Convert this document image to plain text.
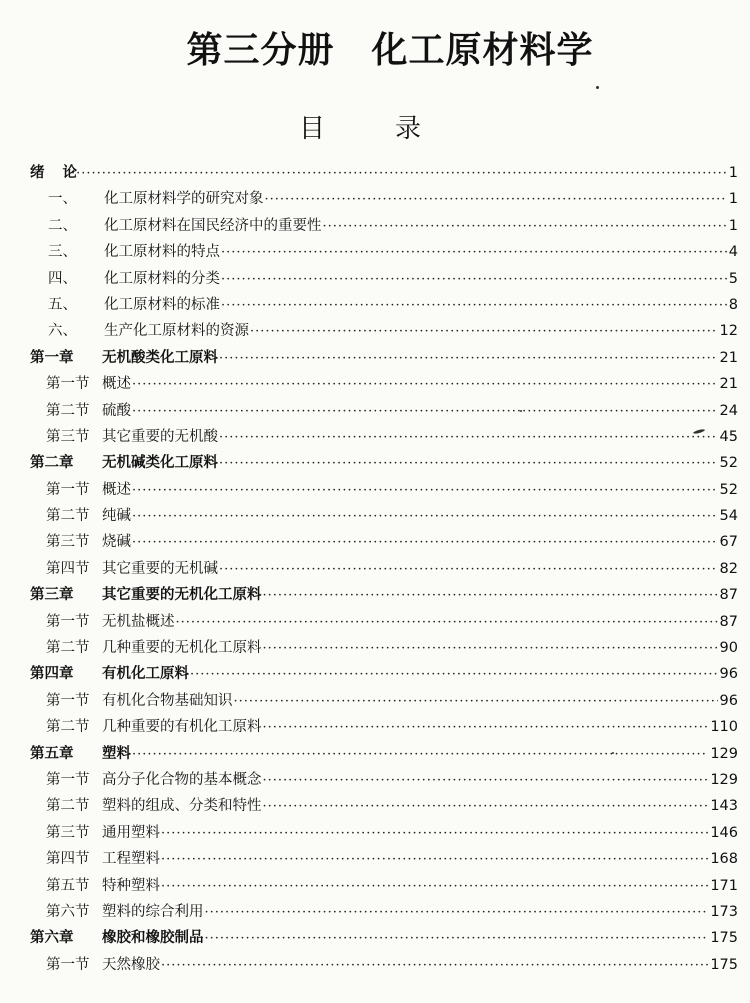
第三分册　化工原材料学
目录
绪论 ·····	1
一、	化工原材料学的研究对象 ·····	1
二、	化工原材料在国民经济中的重要性 ·····	1
三、	化工原材料的特点 ·····	4
四、	化工原材料的分类 ·····	5
五、	化工原材料的标准 ·····	8
六、	生产化工原材料的资源 ·····	12
第一章	无机酸类化工原料 ·····	21
第一节 概述 ·····	21
第二节 硫酸 ·····	24
第三节 其它重要的无机酸 ·····	45
第二章	无机碱类化工原料 ·····	52
第一节 概述 ·····	52
第二节 纯碱 ·····	54
第三节 烧碱 ·····	67
第四节 其它重要的无机碱 ·····	82
第三章	其它重要的无机化工原料 ·····	87
第一节 无机盐概述 ·····	87
第二节 几种重要的无机化工原料 ·····	90
第四章	有机化工原料 ·····	96
第一节 有机化合物基础知识 ·····	96
第二节 几种重要的有机化工原料 ·····	110
第五章	塑料 ·····	129
第一节 高分子化合物的基本概念 ·····	129
第二节 塑料的组成、分类和特性 ·····	143
第三节 通用塑料 ·····	146
第四节 工程塑料 ·····	168
第五节 特种塑料 ·····	171
第六节 塑料的综合利用 ·····	173
第六章	橡胶和橡胶制品 ·····	175
第一节 天然橡胶 ·····	175
